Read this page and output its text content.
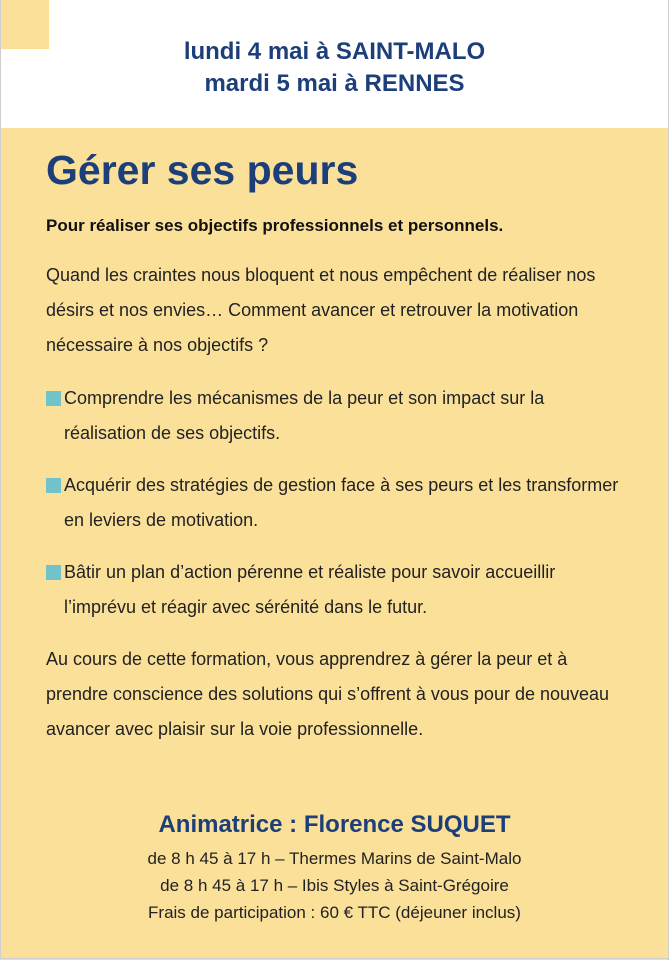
lundi 4 mai à SAINT-MALO
mardi 5 mai à RENNES
Gérer ses peurs
Pour réaliser ses objectifs professionnels et personnels.
Quand les craintes nous bloquent et nous empêchent de réaliser nos désirs et nos envies… Comment avancer et retrouver la motivation nécessaire à nos objectifs ?
Comprendre les mécanismes de la peur et son impact sur la réalisation de ses objectifs.
Acquérir des stratégies de gestion face à ses peurs et les transformer en leviers de motivation.
Bâtir un plan d’action pérenne et réaliste pour savoir accueillir l’imprévu et réagir avec sérénité dans le futur.
Au cours de cette formation, vous apprendrez à gérer la peur et à prendre conscience des solutions qui s’offrent à vous pour de nouveau avancer avec plaisir sur la voie professionnelle.
Animatrice : Florence SUQUET
de 8 h 45 à 17 h – Thermes Marins de Saint-Malo
de 8 h 45 à 17 h – Ibis Styles à Saint-Grégoire
Frais de participation : 60 € TTC (déjeuner inclus)
